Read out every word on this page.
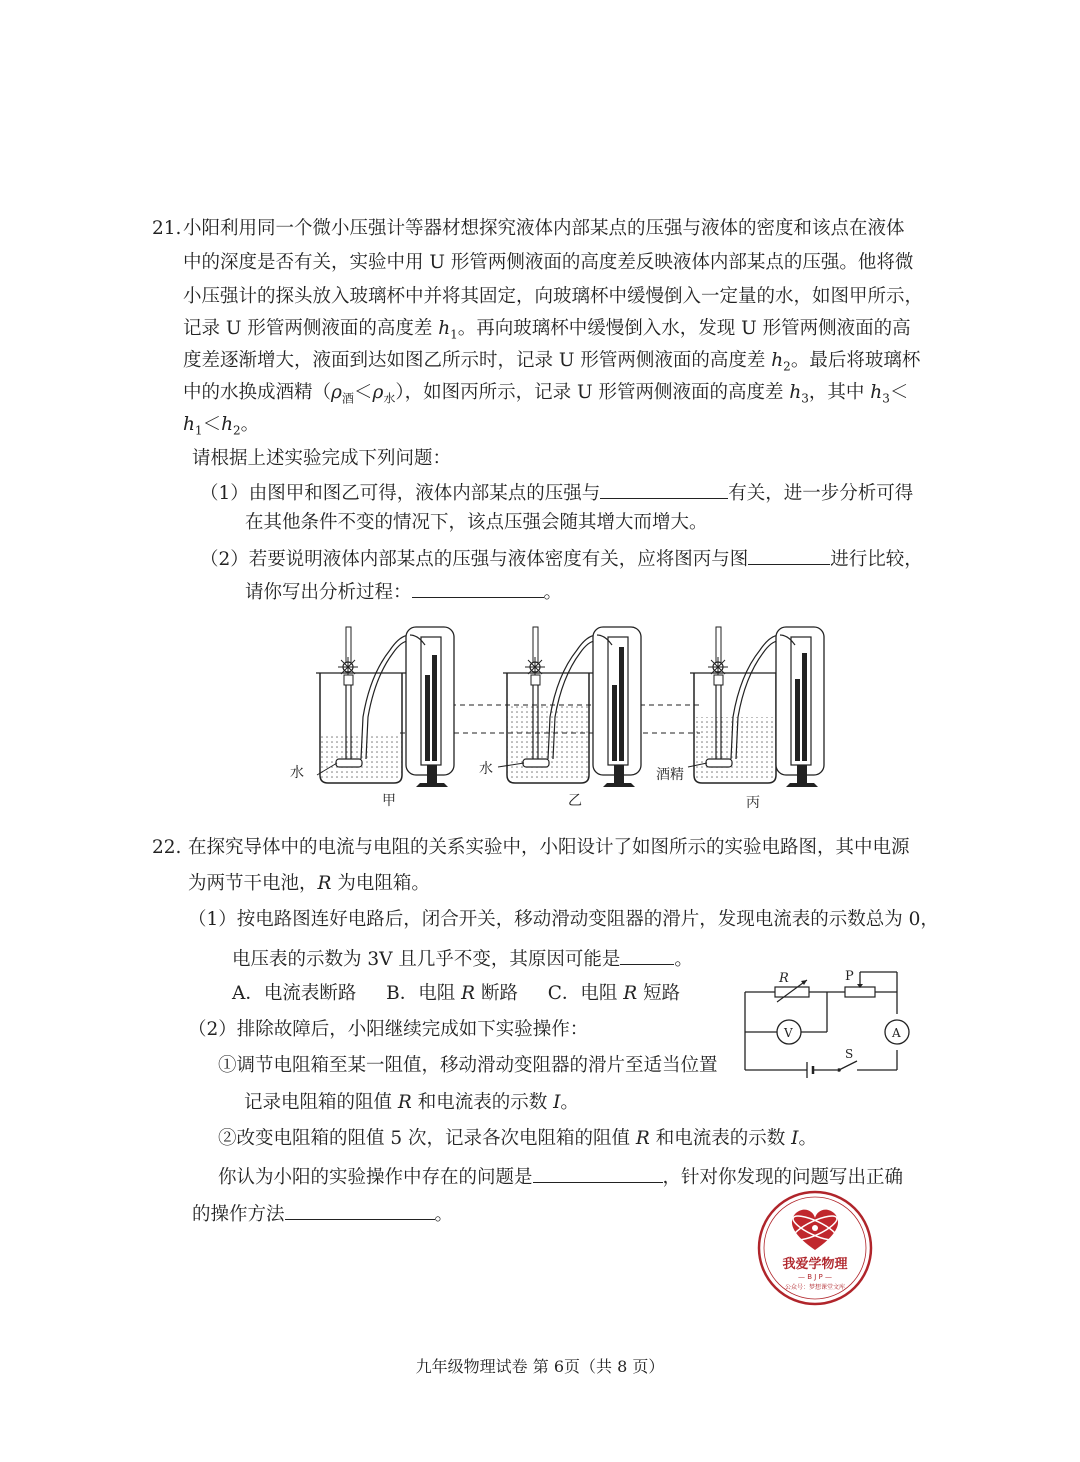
21. 小阳利用同一个微小压强计等器材想探究液体内部某点的压强与液体的密度和该点在液体
中的深度是否有关，实验中用 U 形管两侧液面的高度差反映液体内部某点的压强。他将微
小压强计的探头放入玻璃杯中并将其固定，向玻璃杯中缓慢倒入一定量的水，如图甲所示，
记录 U 形管两侧液面的高度差 $h_1$。再向玻璃杯中缓慢倒入水，发现 U 形管两侧液面的高
度差逐渐增大，液面到达如图乙所示时，记录 U 形管两侧液面的高度差 $h_2$。最后将玻璃杯
中的水换成酒精$(\rho_酒<\rho_水)$，如图丙所示，记录 U 形管两侧液面的高度差 $h_3$，其中 $h_3<$
$h_1<h_2$。
请根据上述实验完成下列问题：
（1）由图甲和图乙可得，液体内部某点的压强与	有关，进一步分析可得
在其他条件不变的情况下，该点压强会随其增大而增大。
（2）若要说明液体内部某点的压强与液体密度有关，应将图丙与图	进行比较，
请你写出分析过程：	。
水	水	酒精
甲	乙	丙
22. 在探究导体中的电流与电阻的关系实验中，小阳设计了如图所示的实验电路图，其中电源
为两节干电池，R 为电阻箱。
（1）按电路图连好电路后，闭合开关，移动滑动变阻器的滑片，发现电流表的示数总为 0，
电压表的示数为 3V 且几乎不变，其原因可能是	。
A．电流表断路 B．电阻 R 断路 C．电阻 R 短路
（2）排除故障后，小阳继续完成如下实验操作：
①调节电阻箱至某一阻值，移动滑动变阻器的滑片至适当位置
记录电阻箱的阻值 R 和电流表的示数 I。
②改变电阻箱的阻值 5 次，记录各次电阻箱的阻值 R 和电流表的示数 I。
你认为小阳的实验操作中存在的问题是	，针对你发现的问题写出正确
的操作方法	。
R	P
V	A
S
我爱学物理
— B J P —
公众号：梦想课堂文库
九年级物理试卷 第 6页（共 8 页）
